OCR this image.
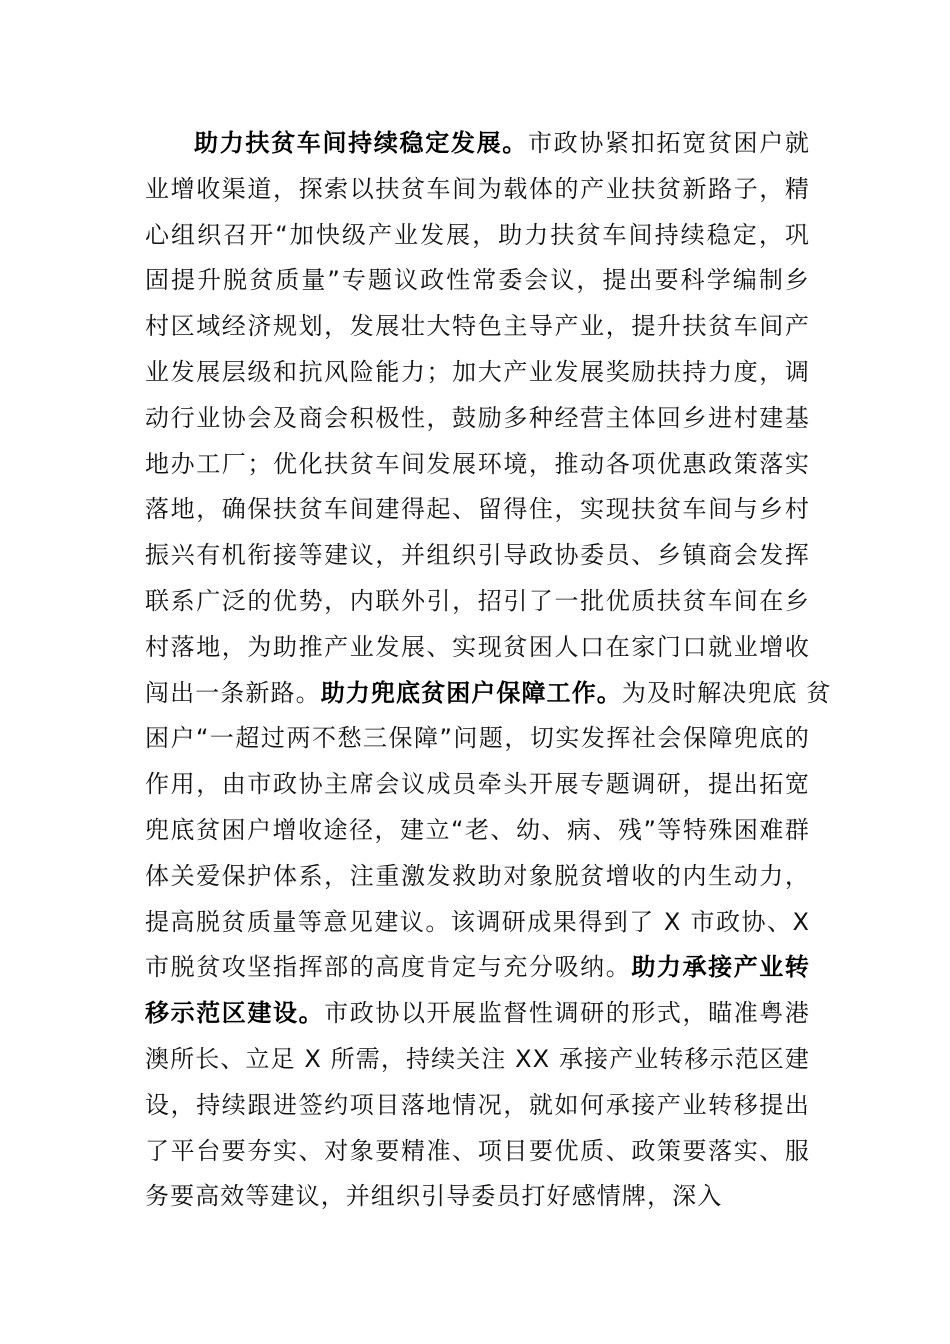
助力扶贫车间持续稳定发展。市政协紧扣拓宽贫困户就
业增收渠道，探索以扶贫车间为载体的产业扶贫新路子，精
心组织召开“加快级产业发展，助力扶贫车间持续稳定，巩
固提升脱贫质量”专题议政性常委会议，提出要科学编制乡
村区域经济规划，发展壮大特色主导产业，提升扶贫车间产
业发展层级和抗风险能力；加大产业发展奖励扶持力度，调
动行业协会及商会积极性，鼓励多种经营主体回乡进村建基
地办工厂；优化扶贫车间发展环境，推动各项优惠政策落实
落地，确保扶贫车间建得起、留得住，实现扶贫车间与乡村
振兴有机衔接等建议，并组织引导政协委员、乡镇商会发挥
联系广泛的优势，内联外引，招引了一批优质扶贫车间在乡
村落地，为助推产业发展、实现贫困人口在家门口就业增收
闯出一条新路。助力兜底贫困户保障工作。为及时解决兜底 贫
困户“一超过两不愁三保障”问题，切实发挥社会保障兜底的
作用，由市政协主席会议成员牵头开展专题调研，提出拓宽
兜底贫困户增收途径，建立“老、幼、病、残”等特殊困难群
体关爱保护体系，注重激发救助对象脱贫增收的内生动力，
提高脱贫质量等意见建议。该调研成果得到了 X 市政协、X
市脱贫攻坚指挥部的高度肯定与充分吸纳。助力承接产业转
移示范区建设。市政协以开展监督性调研的形式，瞄准粤港
澳所长、立足 X 所需，持续关注 XX 承接产业转移示范区建
设，持续跟进签约项目落地情况，就如何承接产业转移提出
了平台要夯实、对象要精准、项目要优质、政策要落实、服
务要高效等建议，并组织引导委员打好感情牌，深入
